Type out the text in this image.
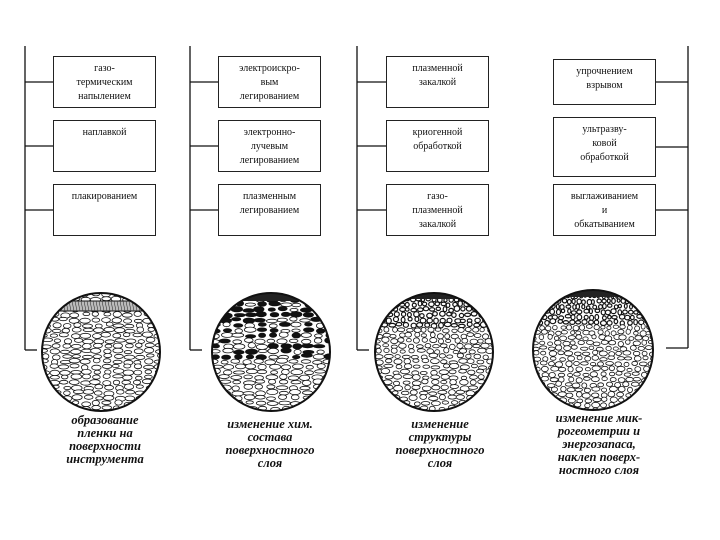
газо-
термическим
напылением
наплавкой
плакированием
электроискро-
вым
легированием
электронно-
лучевым
легированием
плазменным
легированием
плазменной
закалкой
криогенной
обработкой
газо-
плазменной
закалкой
упрочнением
взрывом
ультразву-
ковой
обработкой
выглаживанием
и
обкатыванием
образование
пленки на
поверхности
инструмента
изменение хим.
состава
поверхностного
слоя
изменение
структуры
поверхностного
слоя
изменение мик-
рогеометрии и
энергозапаса,
наклеп поверх-
ностного слоя
